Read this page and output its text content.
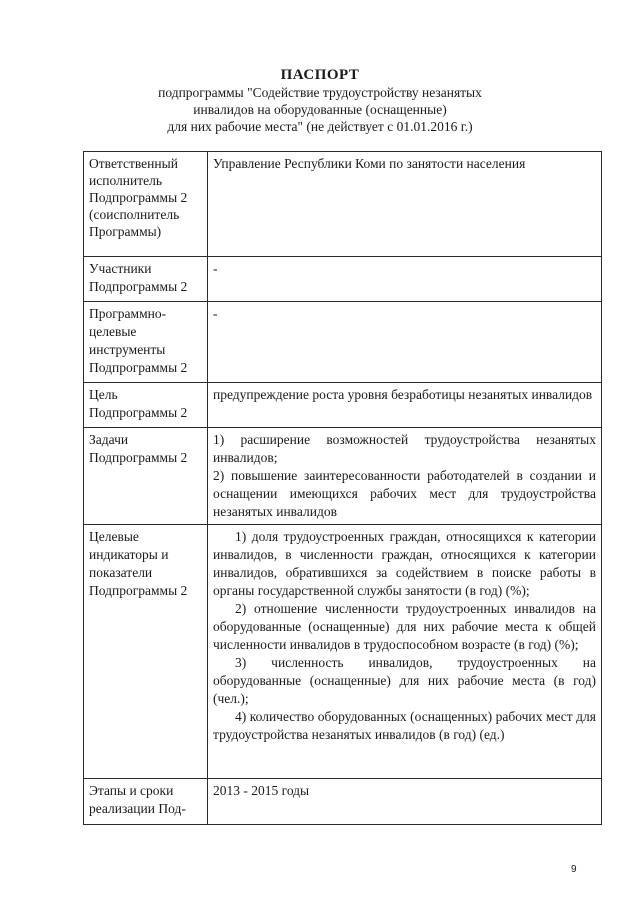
ПАСПОРТ
подпрограммы "Содействие трудоустройству незанятых
инвалидов на оборудованные (оснащенные)
для них рабочие места" (не действует с 01.01.2016 г.)
Ответственный исполнитель Подпрограммы 2 (соисполнитель Программы)	Управление Республики Коми по занятости населения

Участники Подпрограммы 2	-

Программно-целевые инструменты Подпрограммы 2	-

Цель Подпрограммы 2	предупреждение роста уровня безработицы незанятых инвалидов

Задачи Подпрограммы 2	1) расширение возможностей трудоустройства незанятых инвалидов;

2) повышение заинтересованности работодателей в создании и оснащении имеющихся рабочих мест для трудоустройства незанятых инвалидов

Целевые индикаторы и показатели Подпрограммы 2	1) доля трудоустроенных граждан, относящихся к категории инвалидов, в численности граждан, относящихся к категории инвалидов, обратившихся за содействием в поиске работы в органы государственной службы занятости (в год) (%);

2) отношение численности трудоустроенных инвалидов на оборудованные (оснащенные) для них рабочие места к общей численности инвалидов в трудоспособном возрасте (в год) (%);

3) численность инвалидов, трудоустроенных на оборудованные (оснащенные) для них рабочие места (в год) (чел.);

4) количество оборудованных (оснащенных) рабочих мест для трудоустройства незанятых инвалидов (в год) (ед.)

Этапы и сроки реализации Под-	2013 - 2015 годы

9
